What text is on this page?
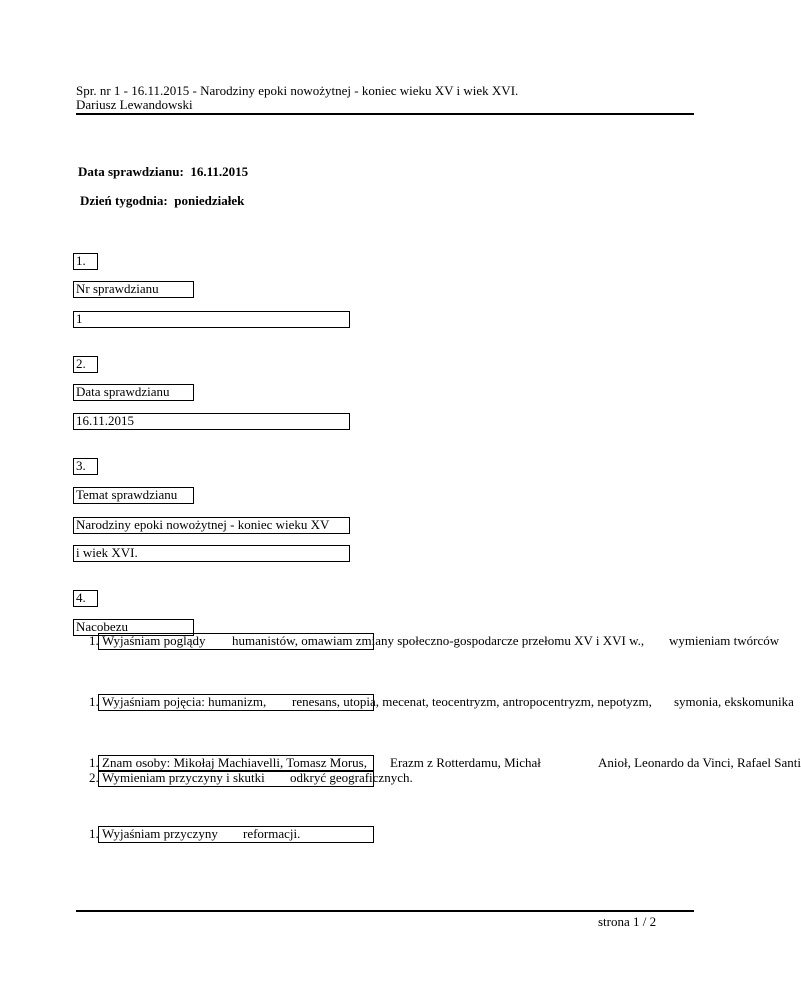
Spr. nr 1 - 16.11.2015 - Narodziny epoki nowożytnej - koniec wieku XV i wiek XVI.
Dariusz Lewandowski
Data sprawdzianu: 16.11.2015
Dzień tygodnia: poniedziałek
1.
Nr sprawdzianu
1
2.
Data sprawdzianu
16.11.2015
3.
Temat sprawdzianu
Narodziny epoki nowożytnej - koniec wieku XV
i wiek XVI.
4.
Nacobezu
1. Wyjaśniam poglądy humanistów, omawiam zmiany społeczno-gospodarcze przełomu XV i XVI w., wymieniam twórców
1. Wyjaśniam pojęcia: humanizm, renesans, utopia, mecenat, teocentryzm, antropocentryzm, nepotyzm, symonia, ekskomunika
1. Znam osoby: Mikołaj Machiavelli, Tomasz Morus, Erazm z Rotterdamu, Michał	Anioł, Leonardo da Vinci, Rafael Santi
2. Wymieniam przyczyny i skutki odkryć geograficznych.
1. Wyjaśniam przyczyny reformacji.
strona 1 / 2
